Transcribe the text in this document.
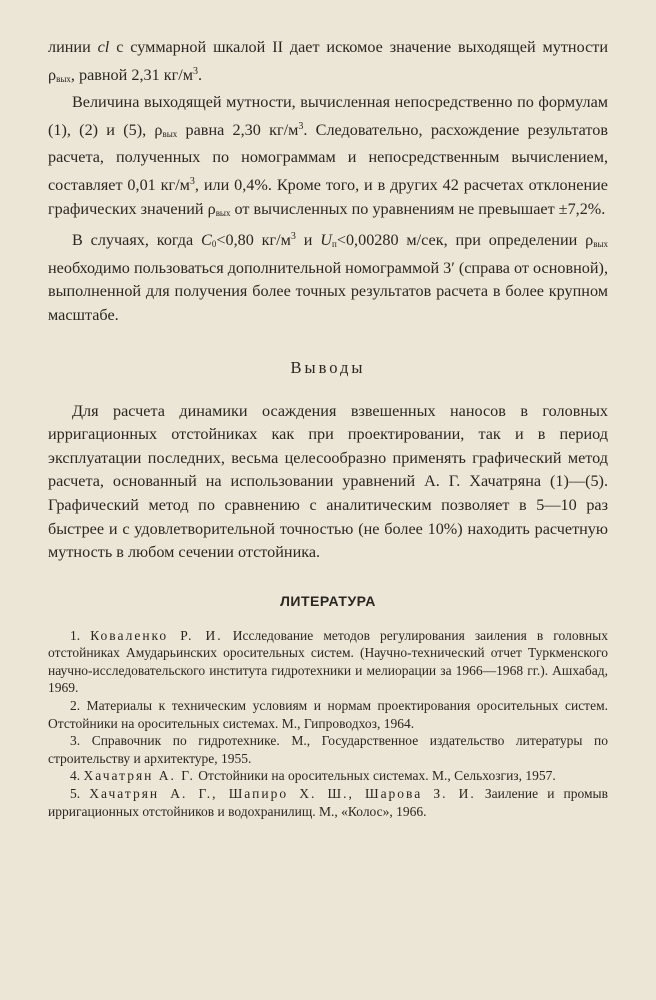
линии cl с суммарной шкалой II дает искомое значение выходящей мутности $\rho_{вых}$, равной 2,31 $кг/м^3$.

Величина выходящей мутности, вычисленная непосредственно по формулам (1), (2) и (5), $\rho_{вых}$ равна 2,30 $кг/м^3$. Следовательно, расхождение результатов расчета, полученных по номограммам и непосредственным вычислением, составляет 0,01 $кг/м^3$, или 0,4%. Кроме того, и в других 42 расчетах отклонение графических значений $\rho_{вых}$ от вычисленных по уравнениям не превышает ±7,2%.

В случаях, когда $C_0<0,80$ $кг/м^3$ и $U_п<0,00280$ м/сек, при определении $\rho_{вых}$ необходимо пользоваться дополнительной номограммой 3′ (справа от основной), выполненной для получения более точных результатов расчета в более крупном масштабе.

Выводы

Для расчета динамики осаждения взвешенных наносов в головных ирригационных отстойниках как при проектировании, так и в период эксплуатации последних, весьма целесообразно применять графический метод расчета, основанный на использовании уравнений А. Г. Хачатряна (1)—(5). Графический метод по сравнению с аналитическим позволяет в 5—10 раз быстрее и с удовлетворительной точностью (не более 10%) находить расчетную мутность в любом сечении отстойника.

ЛИТЕРАТУРА
1. Коваленко Р. И. Исследование методов регулирования заиления в головных отстойниках Амударьинских оросительных систем. (Научно-технический отчет Туркменского научно-исследовательского института гидротехники и мелиорации за 1966—1968 гг.). Ашхабад, 1969.
2. Материалы к техническим условиям и нормам проектирования оросительных систем. Отстойники на оросительных системах. М., Гипроводхоз, 1964.
3. Справочник по гидротехнике. М., Государственное издательство литературы по строительству и архитектуре, 1955.
4. Хачатрян А. Г. Отстойники на оросительных системах. М., Сельхозгиз, 1957.
5. Хачатрян А. Г., Шапиро Х. Ш., Шарова З. И. Заиление и промыв ирригационных отстойников и водохранилищ. М., «Колос», 1966.
